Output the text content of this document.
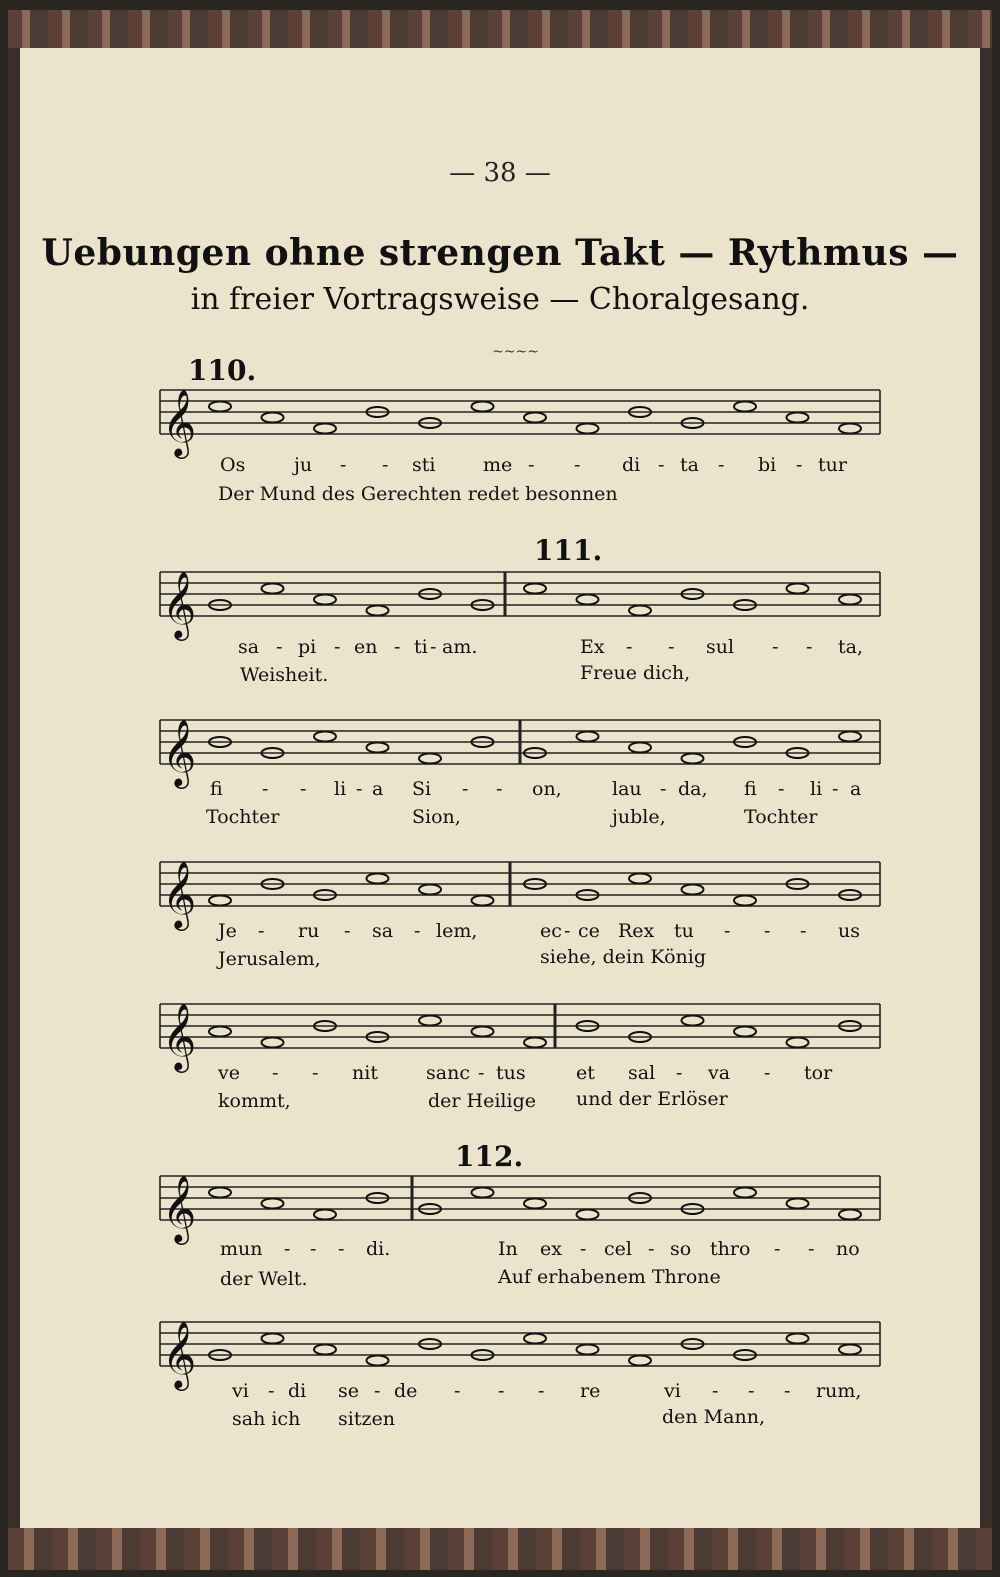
— 38 —
Uebungen ohne strengen Takt — Rythmus —
in freier Vortragsweise — Choralgesang.
~~~~
110.
111.
112.
𝄞
𝄞
𝄞
𝄞
𝄞
𝄞
𝄞
Os	ju - - sti	me - - di - ta - bi - tur
Der Mund des Gerechten redet besonnen
sa - pi - en - ti - am.	Ex - - sul - - ta,
Weisheit.	Freue dich,
fi - - li - a Si - - on,	lau - da, fi - li - a
Tochter	Sion,	juble,	Tochter
Je - ru - sa - lem,	ec - ce Rex tu - - - us
Jerusalem,	siehe, dein König
ve - - nit	sanc - tus	et sal - va - tor
kommt,	der Heilige und der Erlöser
mun - - - di.	In ex - cel - so thro - - no
der Welt.	Auf erhabenem Throne
vi - di se - de - - - re	vi - - - rum,
sah ich sitzen	den Mann,
